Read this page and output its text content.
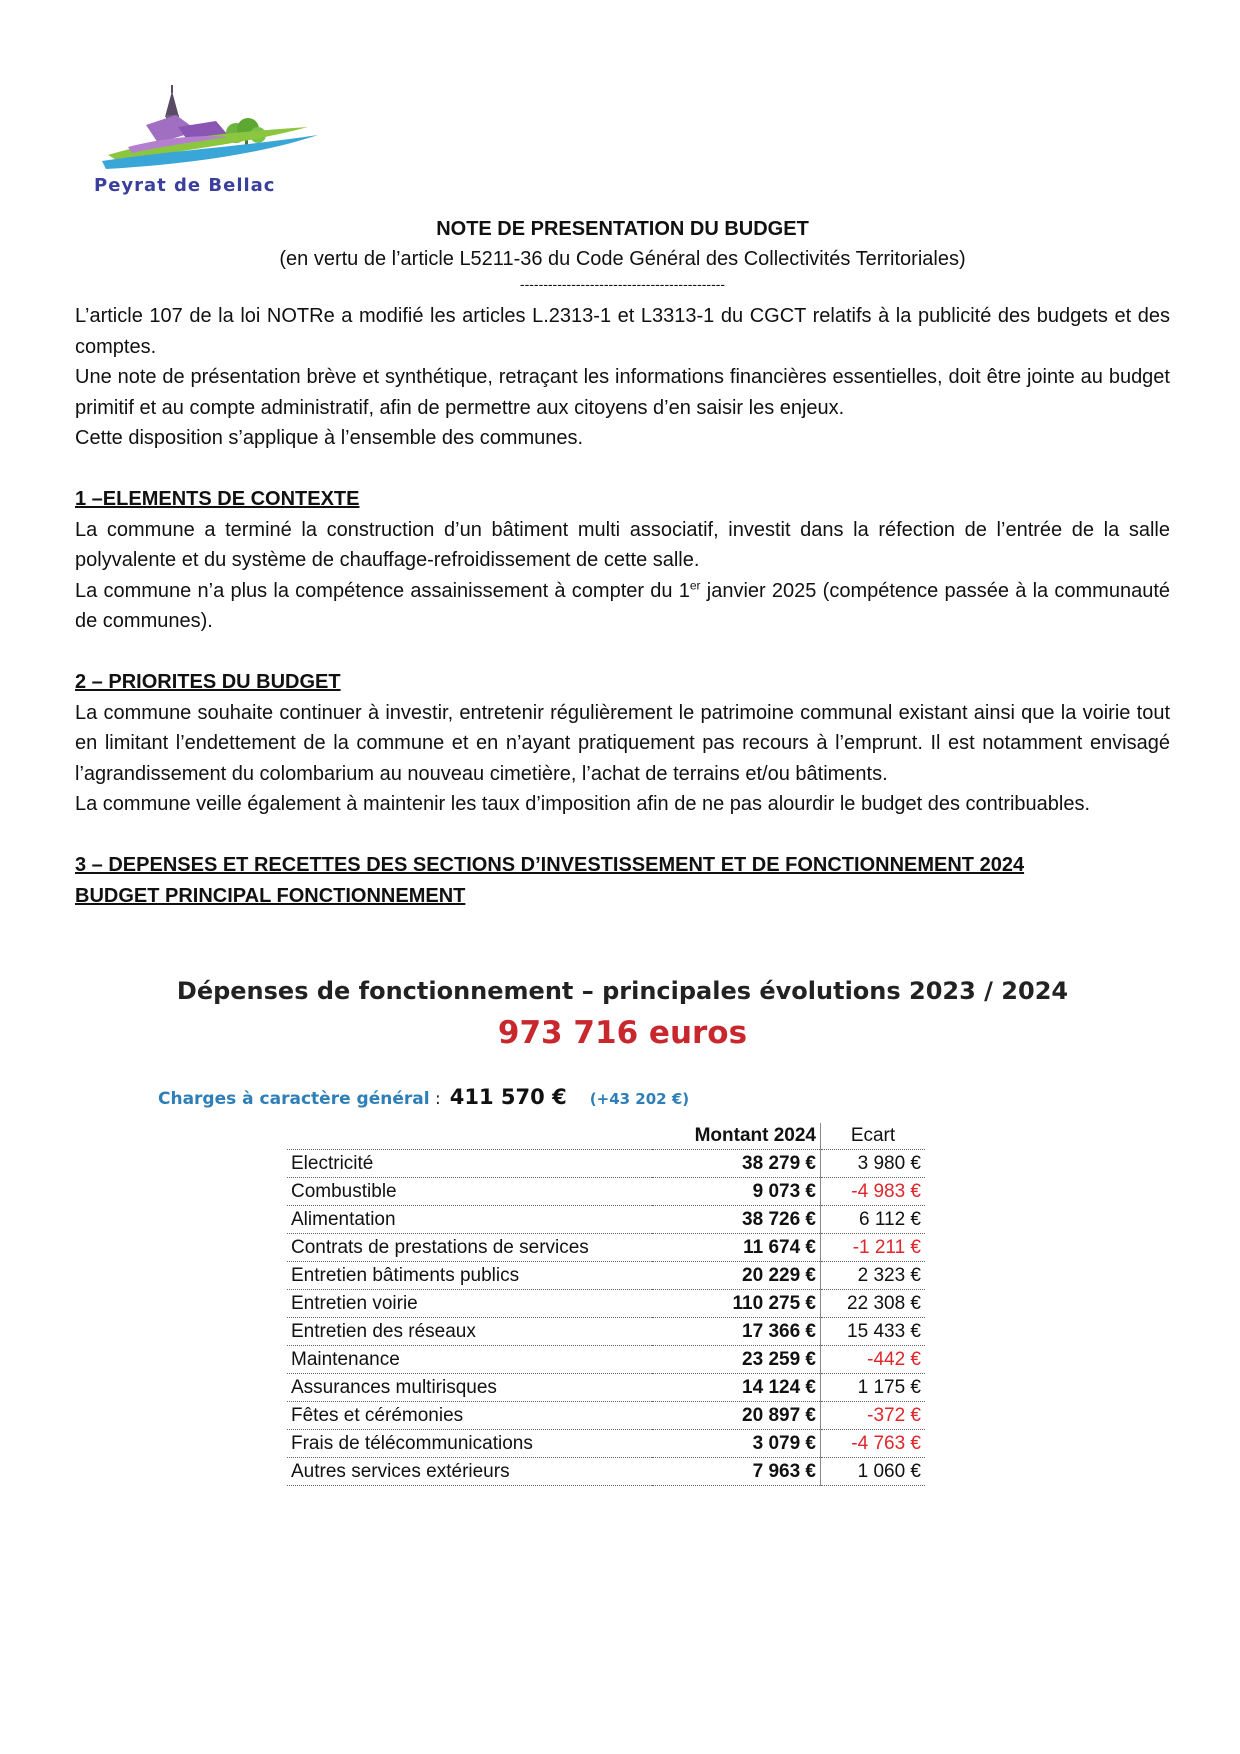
Peyrat de Bellac
NOTE DE PRESENTATION DU BUDGET
(en vertu de l’article L5211-36 du Code Général des Collectivités Territoriales)
--------------------------------------------

L’article 107 de la loi NOTRe a modifié les articles L.2313-1 et L3313-1 du CGCT relatifs à la publicité des budgets et des comptes.

Une note de présentation brève et synthétique, retraçant les informations financières essentielles, doit être jointe au budget primitif et au compte administratif, afin de permettre aux citoyens d’en saisir les enjeux.

Cette disposition s’applique à l’ensemble des communes.

1 –ELEMENTS DE CONTEXTE

La commune a terminé la construction d’un bâtiment multi associatif, investit dans la réfection de l’entrée de la salle polyvalente et du système de chauffage-refroidissement de cette salle.

La commune n’a plus la compétence assainissement à compter du 1er janvier 2025 (compétence passée à la communauté de communes).

2 – PRIORITES DU BUDGET

La commune souhaite continuer à investir, entretenir régulièrement le patrimoine communal existant ainsi que la voirie tout en limitant l’endettement de la commune et en n’ayant pratiquement pas recours à l’emprunt. Il est notamment envisagé l’agrandissement du colombarium au nouveau cimetière, l’achat de terrains et/ou bâtiments.

La commune veille également à maintenir les taux d’imposition afin de ne pas alourdir le budget des contribuables.

3 – DEPENSES ET RECETTES DES SECTIONS D’INVESTISSEMENT ET DE FONCTIONNEMENT 2024

BUDGET PRINCIPAL FONCTIONNEMENT

Dépenses de fonctionnement – principales évolutions 2023 / 2024
973 716 euros
Charges à caractère général : 411 570 € (+43 202 €)
	Montant 2024	Ecart
Electricité	38 279 €	3 980 €
Combustible	9 073 €	-4 983 €
Alimentation	38 726 €	6 112 €
Contrats de prestations de services	11 674 €	-1 211 €
Entretien bâtiments publics	20 229 €	2 323 €
Entretien voirie	110 275 €	22 308 €
Entretien des réseaux	17 366 €	15 433 €
Maintenance	23 259 €	-442 €
Assurances multirisques	14 124 €	1 175 €
Fêtes et cérémonies	20 897 €	-372 €
Frais de télécommunications	3 079 €	-4 763 €
Autres services extérieurs	7 963 €	1 060 €
